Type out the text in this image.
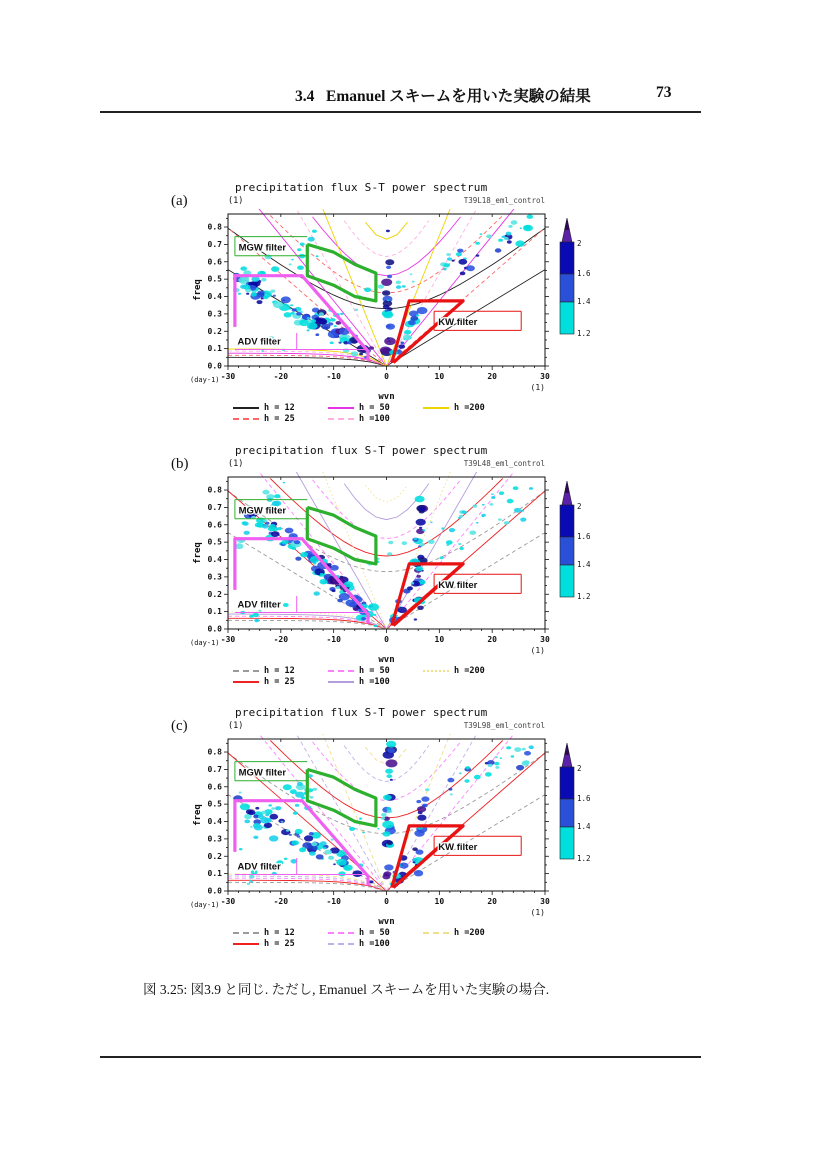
3.4 Emanuel スキームを用いた実験の結果	73
(a)
precipitation flux S-T power spectrum
(1)	T39L18_eml_control
MGW filter
ADV filter
KW filter
-30	-20	-10	0	10	20	30
0.0
0.1
0.2
0.3
0.4
0.5
0.6
0.7
0.8
(day-1)
(1)
wvn
freq
2
1.6
1.4
1.2
h = 12
h = 25
h = 50
h =100
h =200
(b)
precipitation flux S-T power spectrum
(1)	T39L48_eml_control
MGW filter
ADV filter
KW filter
-30	-20	-10	0	10	20	30
0.0
0.1
0.2
0.3
0.4
0.5
0.6
0.7
0.8
(day-1)
(1)
wvn
freq
2
1.6
1.4
1.2
h = 12
h = 25
h = 50
h =100
h =200
(c)
precipitation flux S-T power spectrum
(1)	T39L98_eml_control
MGW filter
ADV filter
KW filter
-30	-20	-10	0	10	20	30
0.0
0.1
0.2
0.3
0.4
0.5
0.6
0.7
0.8
(day-1)
(1)
wvn
freq
2
1.6
1.4
1.2
h = 12
h = 25
h = 50
h =100
h =200
図 3.25: 図3.9 と同じ. ただし, Emanuel スキームを用いた実験の場合.
